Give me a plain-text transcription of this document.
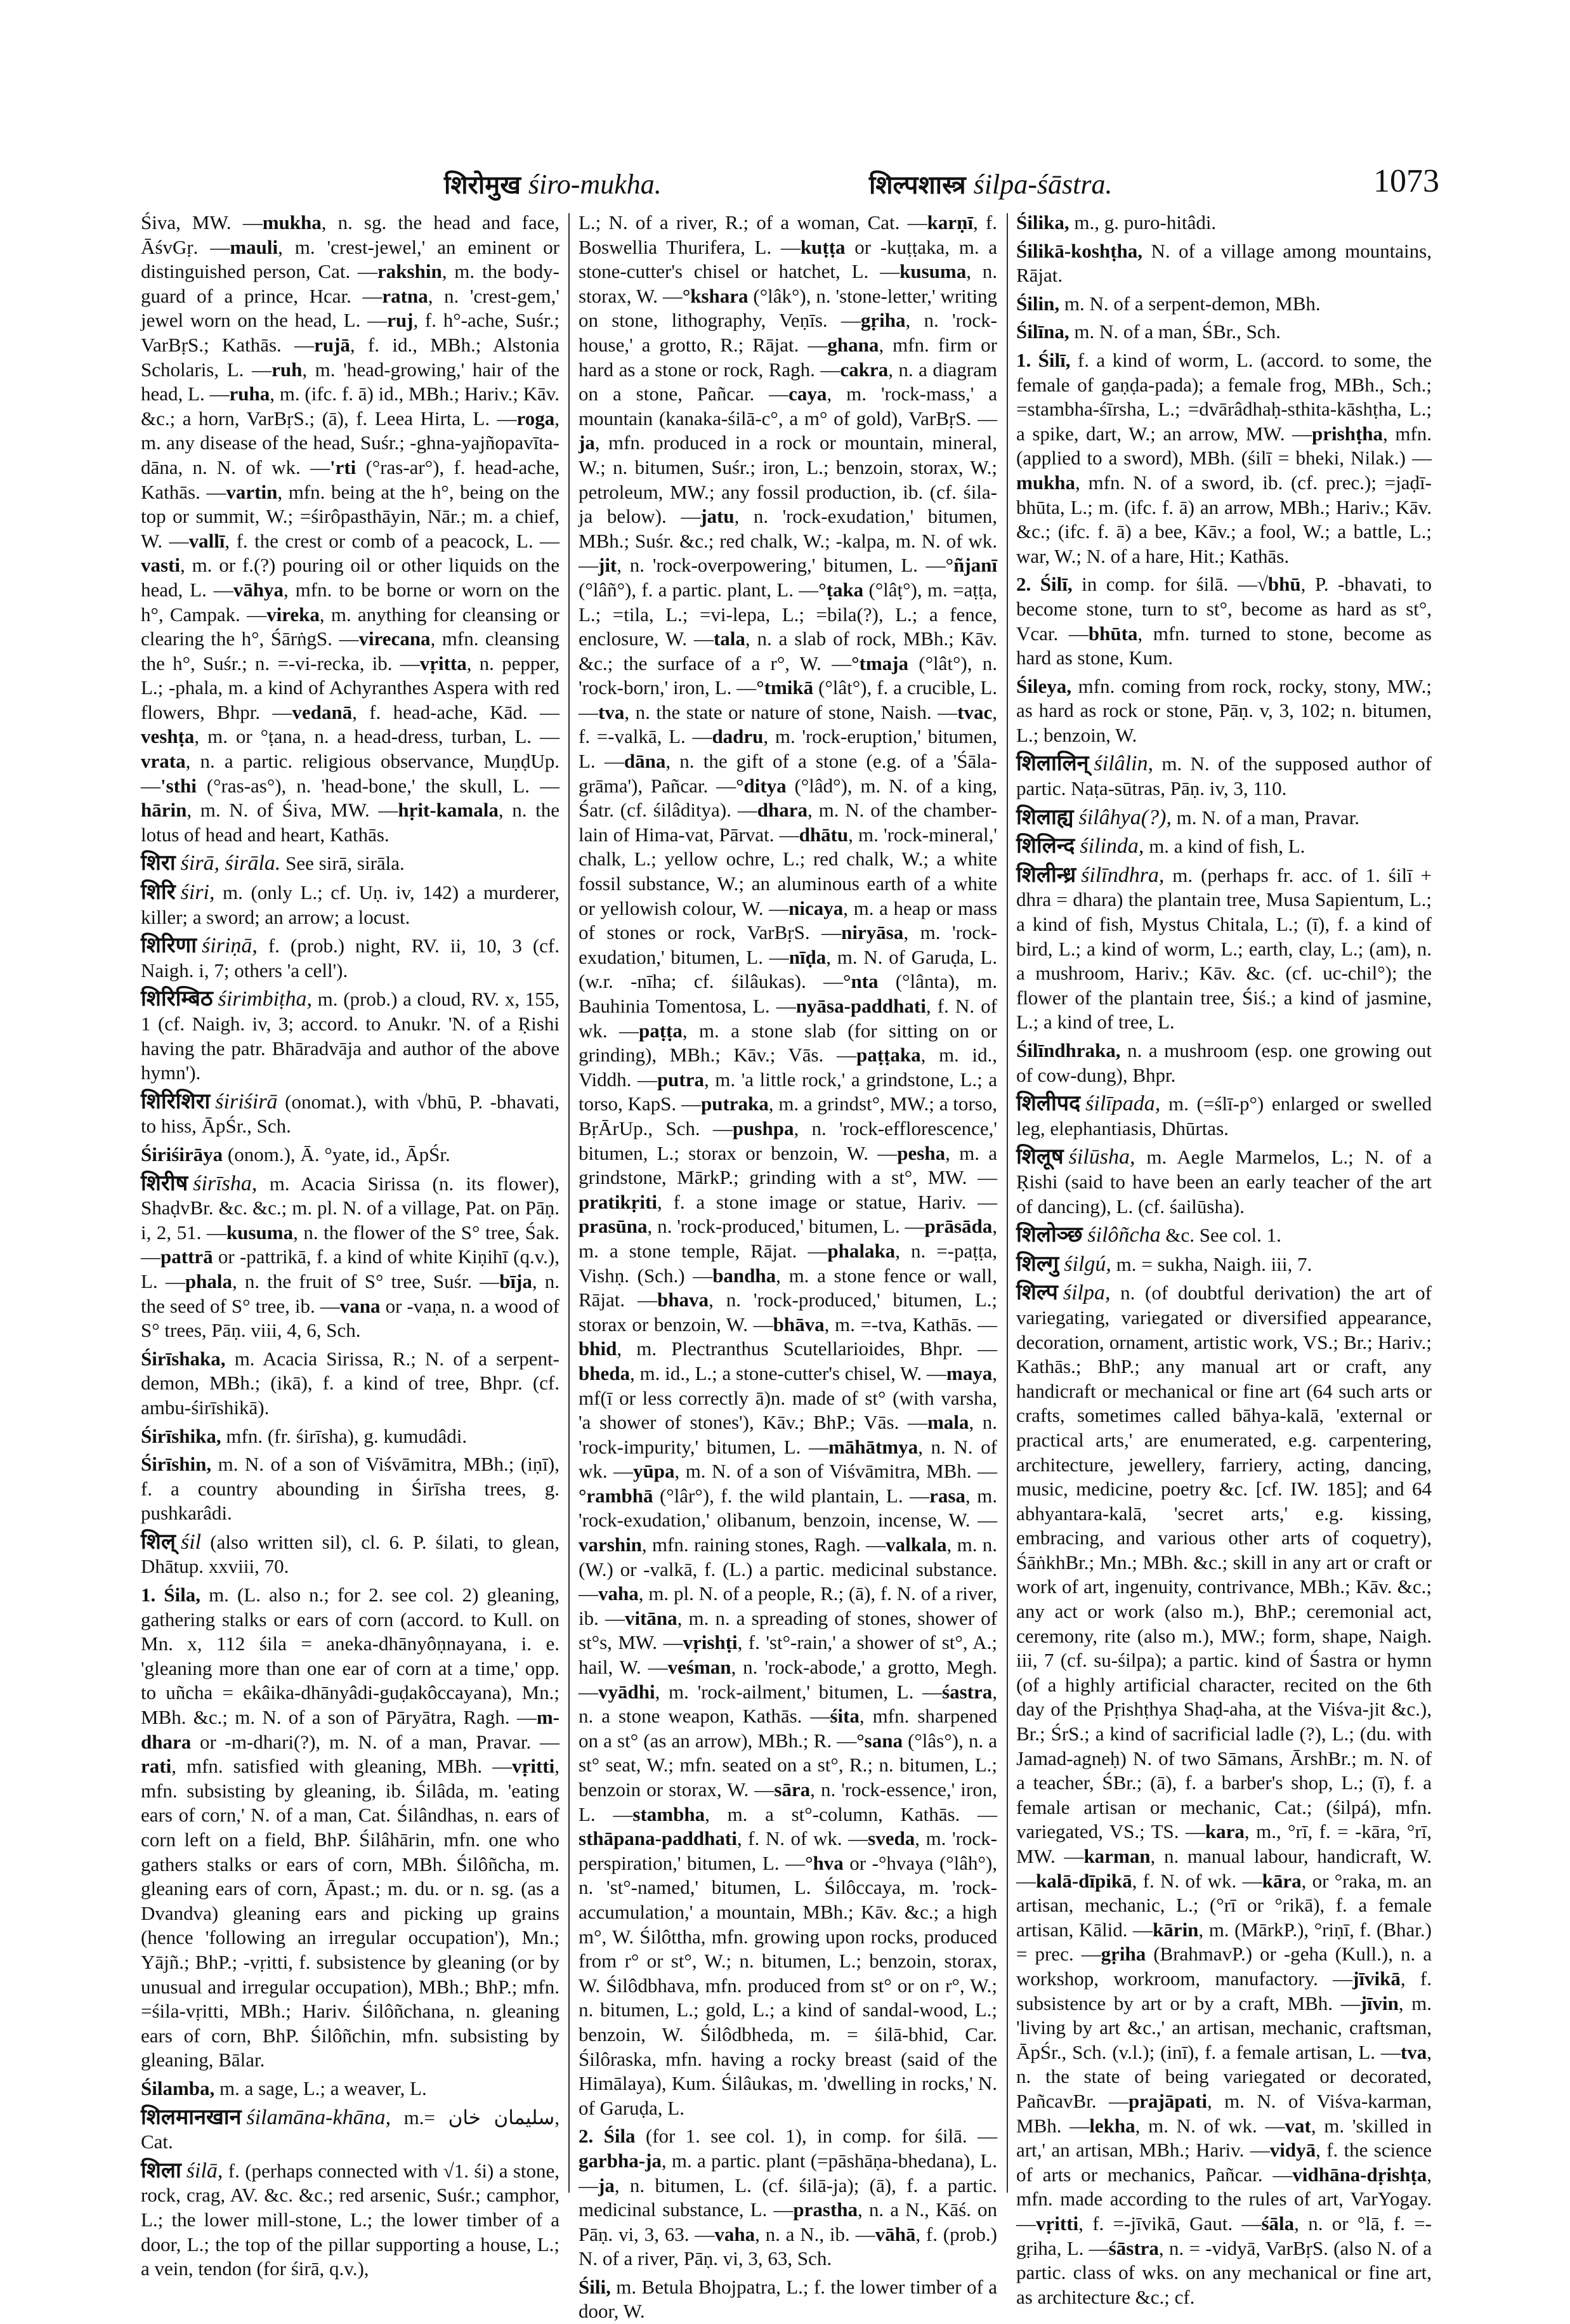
शिरोमुख śiro-mukha.	शिल्पशास्त्र śilpa-śāstra.	1073

Śiva, MW. —mukha, n. sg. the head and face, ĀśvGṛ. —mauli, m. 'crest-jewel,' an eminent or distinguished person, Cat. —rakshin, m. the body-guard of a prince, Hcar. —ratna, n. 'crest-gem,' jewel worn on the head, L. —ruj, f. h°-ache, Suśr.; VarBṛS.; Kathās. —rujā, f. id., MBh.; Alstonia Scholaris, L. —ruh, m. 'head-growing,' hair of the head, L. —ruha, m. (ifc. f. ā) id., MBh.; Hariv.; Kāv. &c.; a horn, VarBṛS.; (ā), f. Leea Hirta, L. —roga, m. any disease of the head, Suśr.; -ghna-yajñopavīta-dāna, n. N. of wk. —'rti (°ras-ar°), f. head-ache, Kathās. —vartin, mfn. being at the h°, being on the top or summit, W.; =śirôpasthāyin, Nār.; m. a chief, W. —vallī, f. the crest or comb of a peacock, L. —vasti, m. or f.(?) pouring oil or other liquids on the head, L. —vāhya, mfn. to be borne or worn on the h°, Campak. —vireka, m. anything for cleansing or clearing the h°, ŚārṅgS. —virecana, mfn. cleansing the h°, Suśr.; n. =-vi-recka, ib. —vṛitta, n. pepper, L.; -phala, m. a kind of Achyranthes Aspera with red flowers, Bhpr. —vedanā, f. head-ache, Kād. —veshṭa, m. or °ṭana, n. a head-dress, turban, L. —vrata, n. a partic. religious observance, MuṇḍUp. —'sthi (°ras-as°), n. 'head-bone,' the skull, L. —hārin, m. N. of Śiva, MW. —hṛit-kamala, n. the lotus of head and heart, Kathās.

शिरा śirā, śirāla. See sirā, sirāla.

शिरि śiri, m. (only L.; cf. Uṇ. iv, 142) a murderer, killer; a sword; an arrow; a locust.

शिरिणा śiriṇā, f. (prob.) night, RV. ii, 10, 3 (cf. Naigh. i, 7; others 'a cell').

शिरिम्बिठ śirimbiṭha, m. (prob.) a cloud, RV. x, 155, 1 (cf. Naigh. iv, 3; accord. to Anukr. 'N. of a Ṛishi having the patr. Bhāradvāja and author of the above hymn').

शिरिशिरा śiriśirā (onomat.), with √bhū, P. -bhavati, to hiss, ĀpŚr., Sch.

Śiriśirāya (onom.), Ā. °yate, id., ĀpŚr.

शिरीष śirīsha, m. Acacia Sirissa (n. its flower), ShaḍvBr. &c. &c.; m. pl. N. of a village, Pat. on Pāṇ. i, 2, 51. —kusuma, n. the flower of the S° tree, Śak. —pattrā or -pattrikā, f. a kind of white Kiṇihī (q.v.), L. —phala, n. the fruit of S° tree, Suśr. —bīja, n. the seed of S° tree, ib. —vana or -vaṇa, n. a wood of S° trees, Pāṇ. viii, 4, 6, Sch.

Śirīshaka, m. Acacia Sirissa, R.; N. of a serpent-demon, MBh.; (ikā), f. a kind of tree, Bhpr. (cf. ambu-śirīshikā).

Śirīshika, mfn. (fr. śirīsha), g. kumudâdi.

Śirīshin, m. N. of a son of Viśvāmitra, MBh.; (iṇī), f. a country abounding in Śirīsha trees, g. pushkarâdi.

शिल् śil (also written sil), cl. 6. P. śilati, to glean, Dhātup. xxviii, 70.

1. Śila, m. (L. also n.; for 2. see col. 2) gleaning, gathering stalks or ears of corn (accord. to Kull. on Mn. x, 112 śila = aneka-dhānyôṇnayana, i. e. 'gleaning more than one ear of corn at a time,' opp. to uñcha = ekâika-dhānyâdi-guḍakôccayana), Mn.; MBh. &c.; m. N. of a son of Pāryātra, Ragh. —m-dhara or -m-dhari(?), m. N. of a man, Pravar. —rati, mfn. satisfied with gleaning, MBh. —vṛitti, mfn. subsisting by gleaning, ib. Śilâda, m. 'eating ears of corn,' N. of a man, Cat. Śilândhas, n. ears of corn left on a field, BhP. Śilâhārin, mfn. one who gathers stalks or ears of corn, MBh. Śilôñcha, m. gleaning ears of corn, Āpast.; m. du. or n. sg. (as a Dvandva) gleaning ears and picking up grains (hence 'following an irregular occupation'), Mn.; Yājñ.; BhP.; -vṛitti, f. subsistence by gleaning (or by unusual and irregular occupation), MBh.; BhP.; mfn. =śila-vṛitti, MBh.; Hariv. Śilôñchana, n. gleaning ears of corn, BhP. Śilôñchin, mfn. subsisting by gleaning, Bālar.

Śilamba, m. a sage, L.; a weaver, L.

शिलमानखान śilamāna-khāna, m.= سليمان خان, Cat.

शिला śilā, f. (perhaps connected with √1. śi) a stone, rock, crag, AV. &c. &c.; red arsenic, Suśr.; camphor, L.; the lower mill-stone, L.; the lower timber of a door, L.; the top of the pillar supporting a house, L.; a vein, tendon (for śirā, q.v.),

L.; N. of a river, R.; of a woman, Cat. —karṇī, f. Boswellia Thurifera, L. —kuṭṭa or -kuṭṭaka, m. a stone-cutter's chisel or hatchet, L. —kusuma, n. storax, W. —°kshara (°lâk°), n. 'stone-letter,' writing on stone, lithography, Veṇīs. —gṛiha, n. 'rock-house,' a grotto, R.; Rājat. —ghana, mfn. firm or hard as a stone or rock, Ragh. —cakra, n. a diagram on a stone, Pañcar. —caya, m. 'rock-mass,' a mountain (kanaka-śilā-c°, a m° of gold), VarBṛS. —ja, mfn. produced in a rock or mountain, mineral, W.; n. bitumen, Suśr.; iron, L.; benzoin, storax, W.; petroleum, MW.; any fossil production, ib. (cf. śila-ja below). —jatu, n. 'rock-exudation,' bitumen, MBh.; Suśr. &c.; red chalk, W.; -kalpa, m. N. of wk. —jit, n. 'rock-overpowering,' bitumen, L. —°ñjanī (°lâñ°), f. a partic. plant, L. —°ṭaka (°lâṭ°), m. =aṭṭa, L.; =tila, L.; =vi-lepa, L.; =bila(?), L.; a fence, enclosure, W. —tala, n. a slab of rock, MBh.; Kāv. &c.; the surface of a r°, W. —°tmaja (°lât°), n. 'rock-born,' iron, L. —°tmikā (°lât°), f. a crucible, L. —tva, n. the state or nature of stone, Naish. —tvac, f. =-valkā, L. —dadru, m. 'rock-eruption,' bitumen, L. —dāna, n. the gift of a stone (e.g. of a 'Śāla-grāma'), Pañcar. —°ditya (°lâd°), m. N. of a king, Śatr. (cf. śilâditya). —dhara, m. N. of the chamber-lain of Hima-vat, Pārvat. —dhātu, m. 'rock-mineral,' chalk, L.; yellow ochre, L.; red chalk, W.; a white fossil substance, W.; an aluminous earth of a white or yellowish colour, W. —nicaya, m. a heap or mass of stones or rock, VarBṛS. —niryāsa, m. 'rock-exudation,' bitumen, L. —nīḍa, m. N. of Garuḍa, L. (w.r. -nīha; cf. śilâukas). —°nta (°lânta), m. Bauhinia Tomentosa, L. —nyāsa-paddhati, f. N. of wk. —paṭṭa, m. a stone slab (for sitting on or grinding), MBh.; Kāv.; Vās. —paṭṭaka, m. id., Viddh. —putra, m. 'a little rock,' a grindstone, L.; a torso, KapS. —putraka, m. a grindst°, MW.; a torso, BṛĀrUp., Sch. —pushpa, n. 'rock-efflorescence,' bitumen, L.; storax or benzoin, W. —pesha, m. a grindstone, MārkP.; grinding with a st°, MW. —pratikṛiti, f. a stone image or statue, Hariv. —prasūna, n. 'rock-produced,' bitumen, L. —prāsāda, m. a stone temple, Rājat. —phalaka, n. =-paṭṭa, Vishṇ. (Sch.) —bandha, m. a stone fence or wall, Rājat. —bhava, n. 'rock-produced,' bitumen, L.; storax or benzoin, W. —bhāva, m. =-tva, Kathās. —bhid, m. Plectranthus Scutellarioides, Bhpr. —bheda, m. id., L.; a stone-cutter's chisel, W. —maya, mf(ī or less correctly ā)n. made of st° (with varsha, 'a shower of stones'), Kāv.; BhP.; Vās. —mala, n. 'rock-impurity,' bitumen, L. —māhātmya, n. N. of wk. —yūpa, m. N. of a son of Viśvāmitra, MBh. —°rambhā (°lâr°), f. the wild plantain, L. —rasa, m. 'rock-exudation,' olibanum, benzoin, incense, W. —varshin, mfn. raining stones, Ragh. —valkala, m. n. (W.) or -valkā, f. (L.) a partic. medicinal substance. —vaha, m. pl. N. of a people, R.; (ā), f. N. of a river, ib. —vitāna, m. n. a spreading of stones, shower of st°s, MW. —vṛishṭi, f. 'st°-rain,' a shower of st°, A.; hail, W. —veśman, n. 'rock-abode,' a grotto, Megh. —vyādhi, m. 'rock-ailment,' bitumen, L. —śastra, n. a stone weapon, Kathās. —śita, mfn. sharpened on a st° (as an arrow), MBh.; R. —°sana (°lâs°), n. a st° seat, W.; mfn. seated on a st°, R.; n. bitumen, L.; benzoin or storax, W. —sāra, n. 'rock-essence,' iron, L. —stambha, m. a st°-column, Kathās. —sthāpana-paddhati, f. N. of wk. —sveda, m. 'rock-perspiration,' bitumen, L. —°hva or -°hvaya (°lâh°), n. 'st°-named,' bitumen, L. Śilôccaya, m. 'rock-accumulation,' a mountain, MBh.; Kāv. &c.; a high m°, W. Śilôttha, mfn. growing upon rocks, produced from r° or st°, W.; n. bitumen, L.; benzoin, storax, W. Śilôdbhava, mfn. produced from st° or on r°, W.; n. bitumen, L.; gold, L.; a kind of sandal-wood, L.; benzoin, W. Śilôdbheda, m. = śilā-bhid, Car. Śilôraska, mfn. having a rocky breast (said of the Himālaya), Kum. Śilâukas, m. 'dwelling in rocks,' N. of Garuḍa, L.

2. Śila (for 1. see col. 1), in comp. for śilā. —garbha-ja, m. a partic. plant (=pāshāṇa-bhedana), L. —ja, n. bitumen, L. (cf. śilā-ja); (ā), f. a partic. medicinal substance, L. —prastha, n. a N., Kāś. on Pāṇ. vi, 3, 63. —vaha, n. a N., ib. —vāhā, f. (prob.) N. of a river, Pāṇ. vi, 3, 63, Sch.

Śili, m. Betula Bhojpatra, L.; f. the lower timber of a door, W.

Śilika, m., g. puro-hitâdi.

Śilikā-koshṭha, N. of a village among mountains, Rājat.

Śilin, m. N. of a serpent-demon, MBh.

Śilīna, m. N. of a man, ŚBr., Sch.

1. Śilī, f. a kind of worm, L. (accord. to some, the female of gaṇḍa-pada); a female frog, MBh., Sch.; =stambha-śīrsha, L.; =dvārâdhaḥ-sthita-kāshṭha, L.; a spike, dart, W.; an arrow, MW. —prishṭha, mfn. (applied to a sword), MBh. (śilī = bheki, Nilak.) —mukha, mfn. N. of a sword, ib. (cf. prec.); =jaḍī-bhūta, L.; m. (ifc. f. ā) an arrow, MBh.; Hariv.; Kāv. &c.; (ifc. f. ā) a bee, Kāv.; a fool, W.; a battle, L.; war, W.; N. of a hare, Hit.; Kathās.

2. Śilī, in comp. for śilā. —√bhū, P. -bhavati, to become stone, turn to st°, become as hard as st°, Vcar. —bhūta, mfn. turned to stone, become as hard as stone, Kum.

Śileya, mfn. coming from rock, rocky, stony, MW.; as hard as rock or stone, Pāṇ. v, 3, 102; n. bitumen, L.; benzoin, W.

शिलालिन् śilâlin, m. N. of the supposed author of partic. Naṭa-sūtras, Pāṇ. iv, 3, 110.

शिलाह्य śilâhya(?), m. N. of a man, Pravar.

शिलिन्द śilinda, m. a kind of fish, L.

शिलीन्ध्र śilīndhra, m. (perhaps fr. acc. of 1. śilī + dhra = dhara) the plantain tree, Musa Sapientum, L.; a kind of fish, Mystus Chitala, L.; (ī), f. a kind of bird, L.; a kind of worm, L.; earth, clay, L.; (am), n. a mushroom, Hariv.; Kāv. &c. (cf. uc-chil°); the flower of the plantain tree, Śiś.; a kind of jasmine, L.; a kind of tree, L.

Śilīndhraka, n. a mushroom (esp. one growing out of cow-dung), Bhpr.

शिलीपद śilīpada, m. (=ślī-p°) enlarged or swelled leg, elephantiasis, Dhūrtas.

शिलूष śilūsha, m. Aegle Marmelos, L.; N. of a Ṛishi (said to have been an early teacher of the art of dancing), L. (cf. śailūsha).

शिलोञ्छ śilôñcha &c. See col. 1.

शिल्गु śilgú, m. = sukha, Naigh. iii, 7.

शिल्प śilpa, n. (of doubtful derivation) the art of variegating, variegated or diversified appearance, decoration, ornament, artistic work, VS.; Br.; Hariv.; Kathās.; BhP.; any manual art or craft, any handicraft or mechanical or fine art (64 such arts or crafts, sometimes called bāhya-kalā, 'external or practical arts,' are enumerated, e.g. carpentering, architecture, jewellery, farriery, acting, dancing, music, medicine, poetry &c. [cf. IW. 185]; and 64 abhyantara-kalā, 'secret arts,' e.g. kissing, embracing, and various other arts of coquetry), ŚāṅkhBr.; Mn.; MBh. &c.; skill in any art or craft or work of art, ingenuity, contrivance, MBh.; Kāv. &c.; any act or work (also m.), BhP.; ceremonial act, ceremony, rite (also m.), MW.; form, shape, Naigh. iii, 7 (cf. su-śilpa); a partic. kind of Śastra or hymn (of a highly artificial character, recited on the 6th day of the Pṛishṭhya Shaḍ-aha, at the Viśva-jit &c.), Br.; ŚrS.; a kind of sacrificial ladle (?), L.; (du. with Jamad-agneḥ) N. of two Sāmans, ĀrshBr.; m. N. of a teacher, ŚBr.; (ā), f. a barber's shop, L.; (ī), f. a female artisan or mechanic, Cat.; (śilpá), mfn. variegated, VS.; TS. —kara, m., °rī, f. = -kāra, °rī, MW. —karman, n. manual labour, handicraft, W. —kalā-dīpikā, f. N. of wk. —kāra, or °raka, m. an artisan, mechanic, L.; (°rī or °rikā), f. a female artisan, Kālid. —kārin, m. (MārkP.), °riṇī, f. (Bhar.) = prec. —gṛiha (BrahmavP.) or -geha (Kull.), n. a workshop, workroom, manufactory. —jīvikā, f. subsistence by art or by a craft, MBh. —jīvin, m. 'living by art &c.,' an artisan, mechanic, craftsman, ĀpŚr., Sch. (v.l.); (inī), f. a female artisan, L. —tva, n. the state of being variegated or decorated, PañcavBr. —prajāpati, m. N. of Viśva-karman, MBh. —lekha, m. N. of wk. —vat, m. 'skilled in art,' an artisan, MBh.; Hariv. —vidyā, f. the science of arts or mechanics, Pañcar. —vidhāna-dṛishṭa, mfn. made according to the rules of art, VarYogay. —vṛitti, f. =-jīvikā, Gaut. —śāla, n. or °lā, f. =-gṛiha, L. —śāstra, n. = -vidyā, VarBṛS. (also N. of a partic. class of wks. on any mechanical or fine art, as architecture &c.; cf.
